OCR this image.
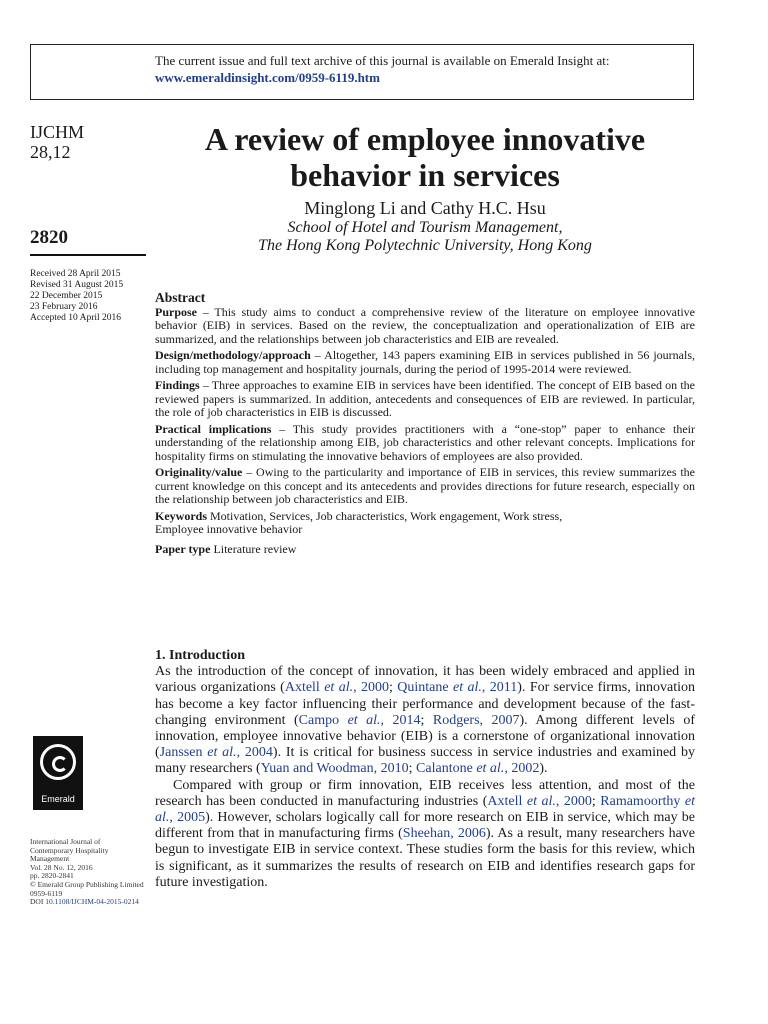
The current issue and full text archive of this journal is available on Emerald Insight at:
www.emeraldinsight.com/0959-6119.htm
IJCHM
28,12
2820
Received 28 April 2015
Revised 31 August 2015
22 December 2015
23 February 2016
Accepted 10 April 2016
Emerald
International Journal of
Contemporary Hospitality
Management
Vol. 28 No. 12, 2016
pp. 2820-2841
© Emerald Group Publishing Limited
0959-6119
DOI 10.1108/IJCHM-04-2015-0214
A review of employee innovative
behavior in services
Minglong Li and Cathy H.C. Hsu
School of Hotel and Tourism Management,
The Hong Kong Polytechnic University, Hong Kong
Abstract

Purpose – This study aims to conduct a comprehensive review of the literature on employee innovative behavior (EIB) in services. Based on the review, the conceptualization and operationalization of EIB are summarized, and the relationships between job characteristics and EIB are revealed.

Design/methodology/approach – Altogether, 143 papers examining EIB in services published in 56 journals, including top management and hospitality journals, during the period of 1995-2014 were reviewed.

Findings – Three approaches to examine EIB in services have been identified. The concept of EIB based on the reviewed papers is summarized. In addition, antecedents and consequences of EIB are reviewed. In particular, the role of job characteristics in EIB is discussed.

Practical implications – This study provides practitioners with a “one-stop” paper to enhance their understanding of the relationship among EIB, job characteristics and other relevant concepts. Implications for hospitality firms on stimulating the innovative behaviors of employees are also provided.

Originality/value – Owing to the particularity and importance of EIB in services, this review summarizes the current knowledge on this concept and its antecedents and provides directions for future research, especially on the relationship between job characteristics and EIB.

Keywords Motivation, Services, Job characteristics, Work engagement, Work stress,
Employee innovative behavior

Paper type Literature review

1. Introduction

As the introduction of the concept of innovation, it has been widely embraced and applied in various organizations (Axtell et al., 2000; Quintane et al., 2011). For service firms, innovation has become a key factor influencing their performance and development because of the fast-changing environment (Campo et al., 2014; Rodgers, 2007). Among different levels of innovation, employee innovative behavior (EIB) is a cornerstone of organizational innovation (Janssen et al., 2004). It is critical for business success in service industries and examined by many researchers (Yuan and Woodman, 2010; Calantone et al., 2002).

Compared with group or firm innovation, EIB receives less attention, and most of the research has been conducted in manufacturing industries (Axtell et al., 2000; Ramamoorthy et al., 2005). However, scholars logically call for more research on EIB in service, which may be different from that in manufacturing firms (Sheehan, 2006). As a result, many researchers have begun to investigate EIB in service context. These studies form the basis for this review, which is significant, as it summarizes the results of research on EIB and identifies research gaps for future investigation.
